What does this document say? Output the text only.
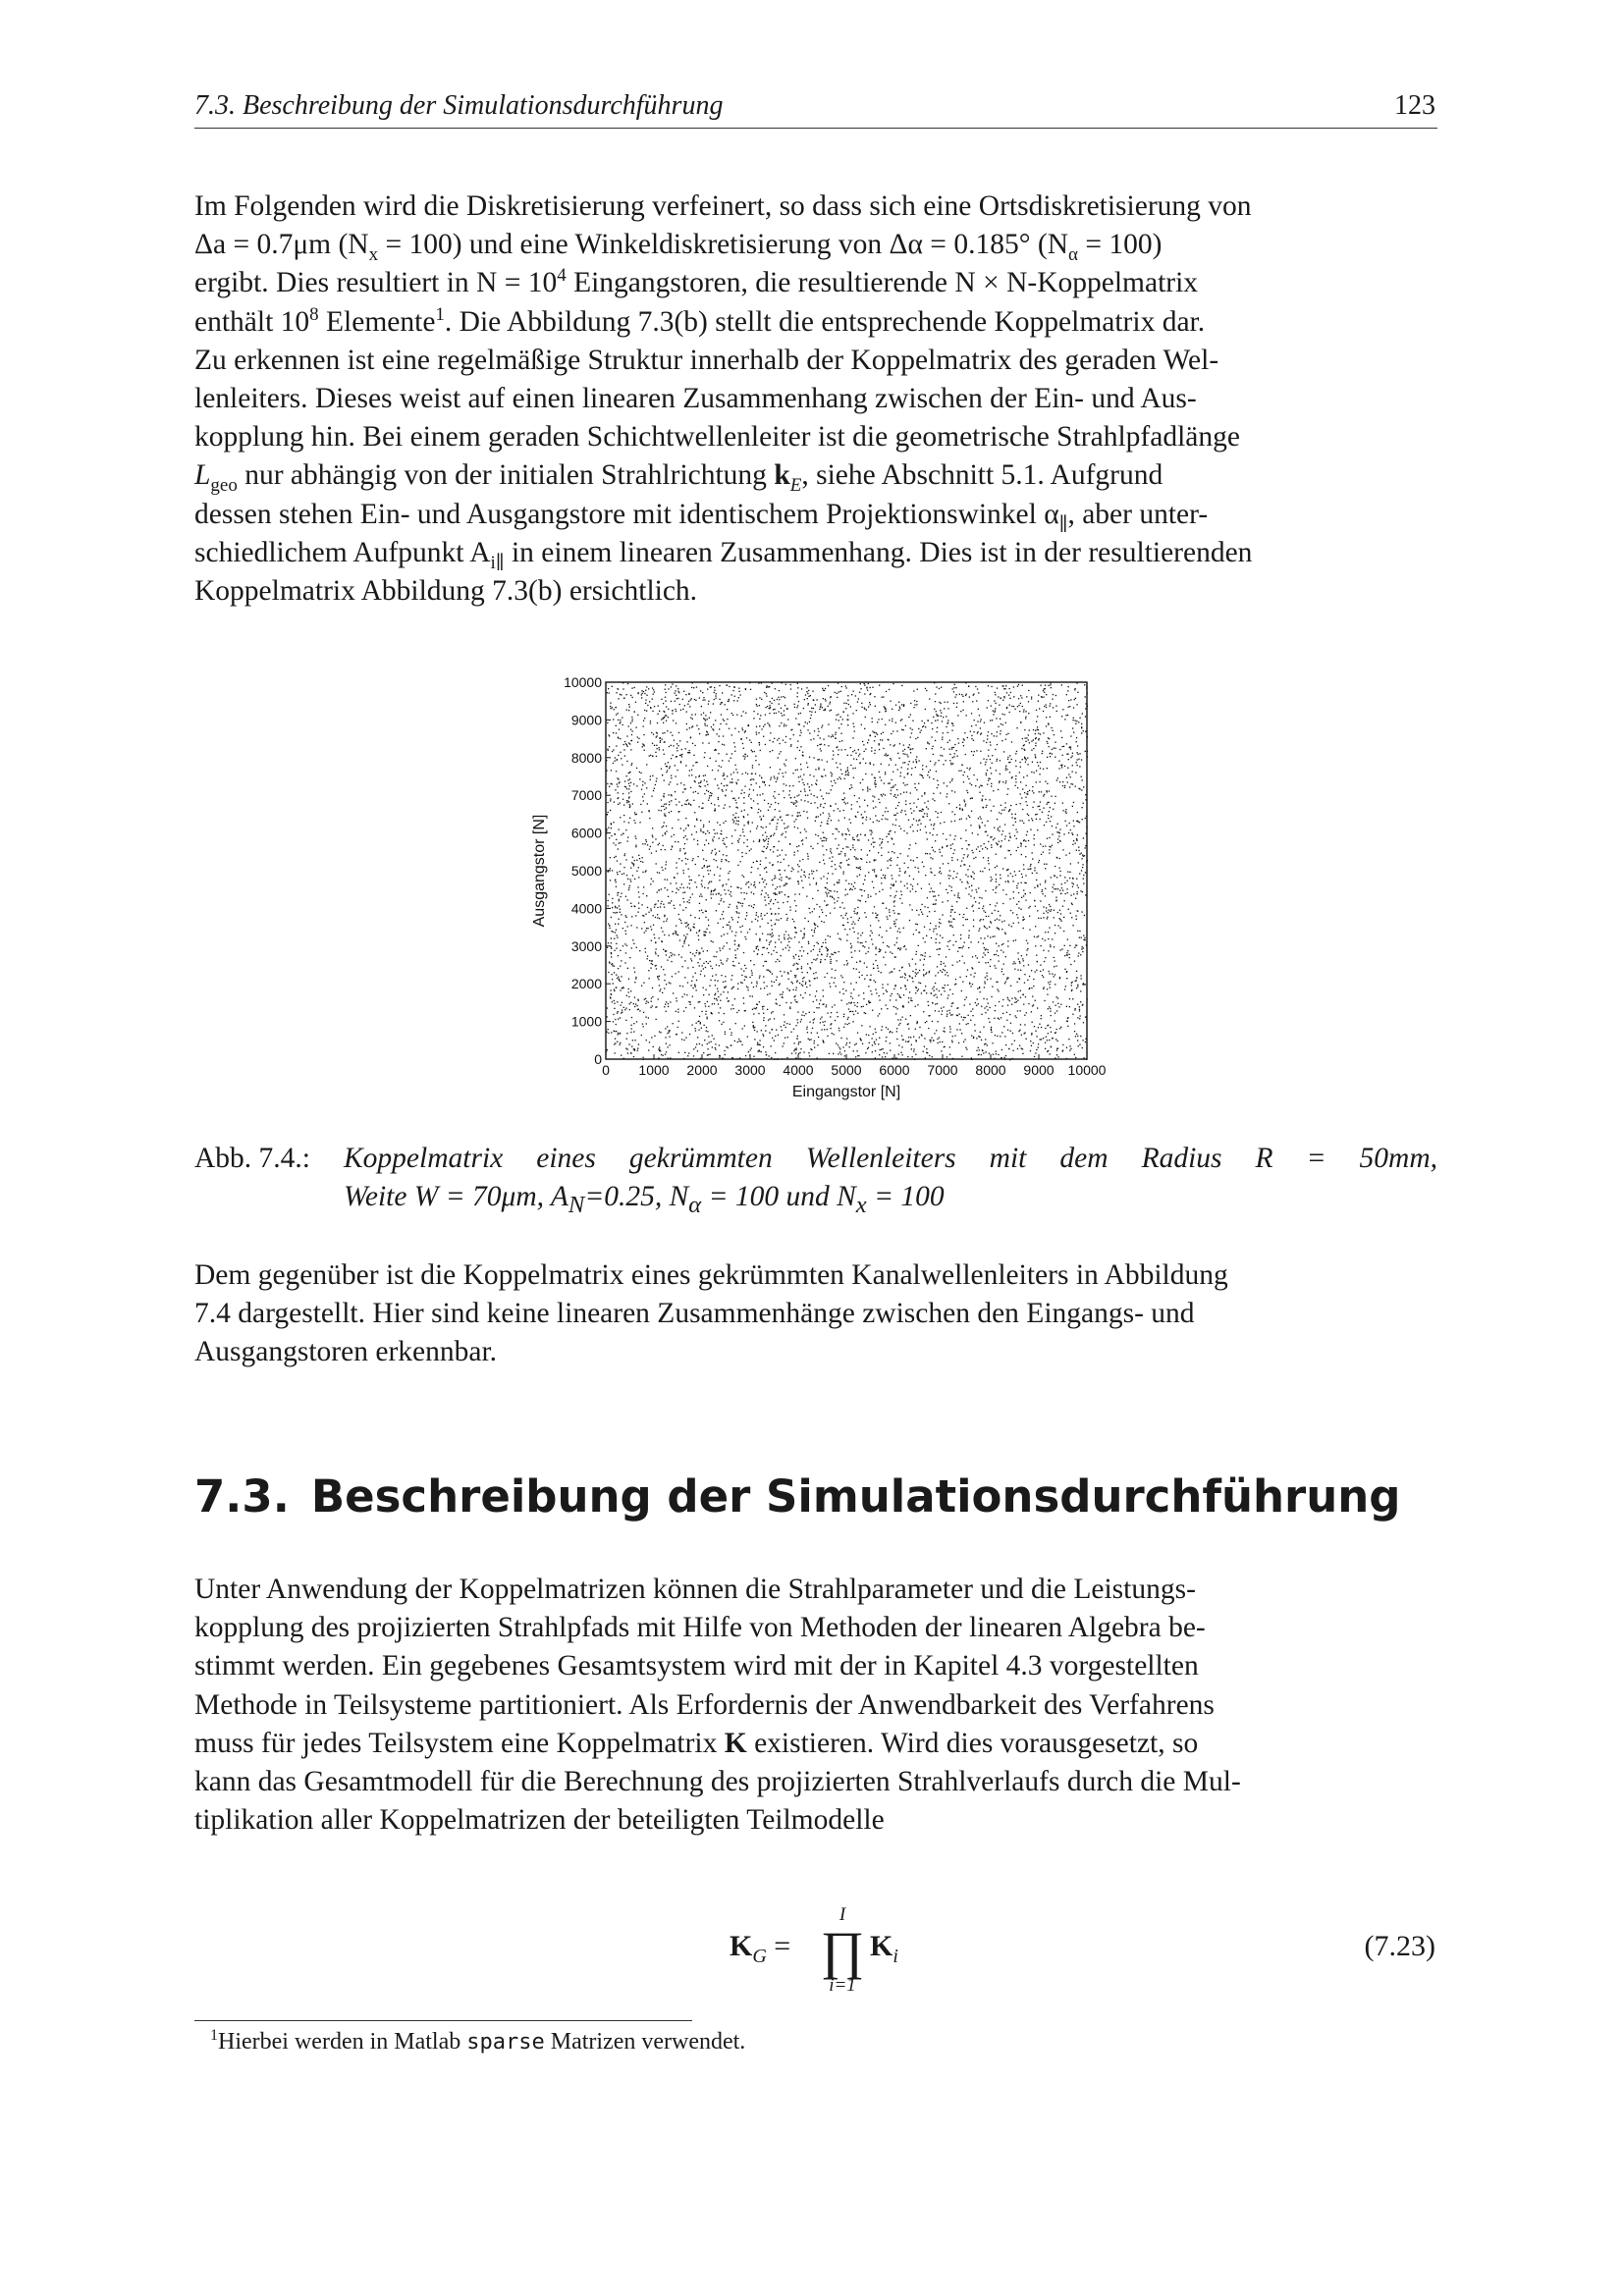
7.3. Beschreibung der Simulationsdurchführung	123

Im Folgenden wird die Diskretisierung verfeinert, so dass sich eine Ortsdiskretisierung von
Δa = 0.7μm $(N_x = 100)$ und eine Winkeldiskretisierung von Δα = 0.185° $(N_\alpha = 100)$
ergibt. Dies resultiert in $N = 10^4$ Eingangstoren, die resultierende N × N-Koppelmatrix
enthält $10^8$ Elemente$^1$. Die Abbildung 7.3(b) stellt die entsprechende Koppelmatrix dar.
Zu erkennen ist eine regelmäßige Struktur innerhalb der Koppelmatrix des geraden Wel-
lenleiters. Dieses weist auf einen linearen Zusammenhang zwischen der Ein- und Aus-
kopplung hin. Bei einem geraden Schichtwellenleiter ist die geometrische Strahlpfadlänge
$L_{geo}$ nur abhängig von der initialen Strahlrichtung $k_E$, siehe Abschnitt 5.1. Aufgrund
dessen stehen Ein- und Ausgangstore mit identischem Projektionswinkel $\alpha_\parallel$, aber unter-
schiedlichem Aufpunkt $A_{i\parallel}$ in einem linearen Zusammenhang. Dies ist in der resultierenden
Koppelmatrix Abbildung 7.3(b) ersichtlich.

0 1000 2000 3000 4000 5000 6000 7000 8000 9000 10000
0
1000
2000
3000
4000
5000
6000
7000
8000
9000
10000
Eingangstor [N]
Ausgangstor [N]
Abb. 7.4.: Koppelmatrix eines gekrümmten Wellenleiters mit dem Radius R = 50mm,
Weite W = 70μm, $A_N=0.25$, $N_\alpha = 100$ und $N_x = 100$

Dem gegenüber ist die Koppelmatrix eines gekrümmten Kanalwellenleiters in Abbildung
7.4 dargestellt. Hier sind keine linearen Zusammenhänge zwischen den Eingangs- und
Ausgangstoren erkennbar.

7.3. Beschreibung der Simulationsdurchführung

Unter Anwendung der Koppelmatrizen können die Strahlparameter und die Leistungs-
kopplung des projizierten Strahlpfads mit Hilfe von Methoden der linearen Algebra be-
stimmt werden. Ein gegebenes Gesamtsystem wird mit der in Kapitel 4.3 vorgestellten
Methode in Teilsysteme partitioniert. Als Erfordernis der Anwendbarkeit des Verfahrens
muss für jedes Teilsystem eine Koppelmatrix K existieren. Wird dies vorausgesetzt, so
kann das Gesamtmodell für die Berechnung des projizierten Strahlverlaufs durch die Mul-
tiplikation aller Koppelmatrizen der beteiligten Teilmodelle

$K_G$ =
I
∏
i=1
$K_i$	(7.23)
$^1$Hierbei werden in Matlab sparse Matrizen verwendet.
